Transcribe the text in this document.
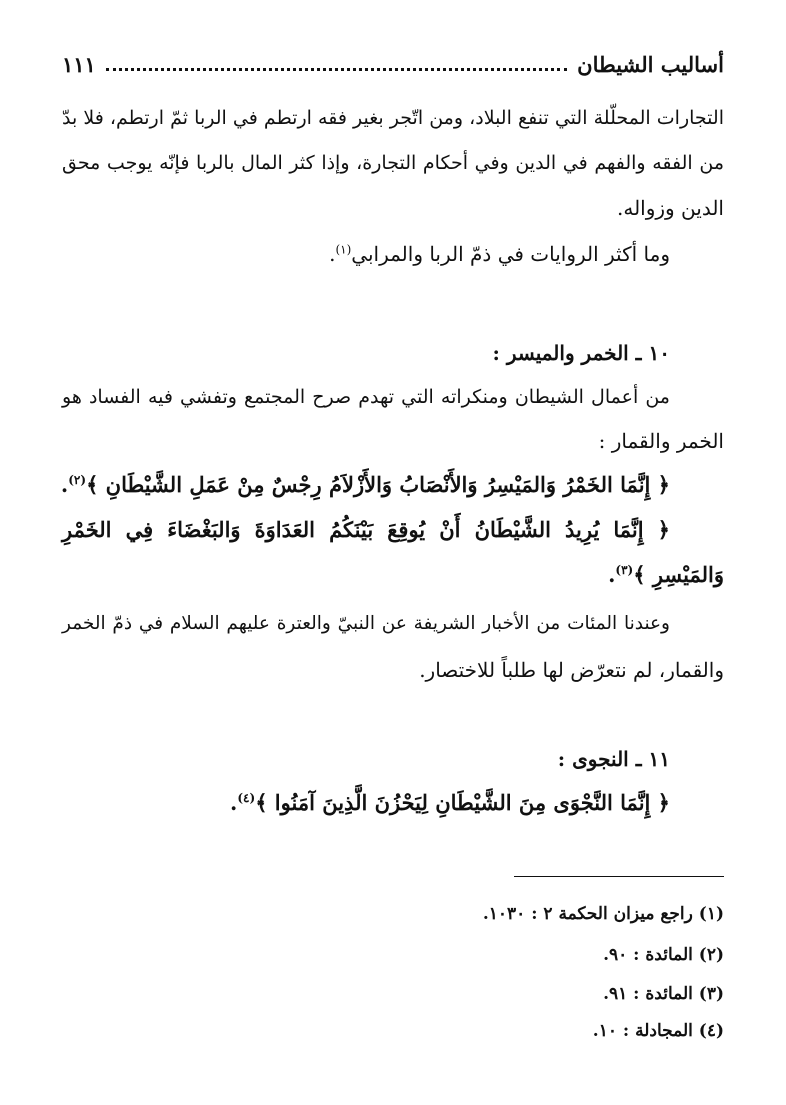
أساليب الشيطان
١١١
التجارات المحلّلة التي تنفع البلاد، ومن اتّجر بغير فقه ارتطم في الربا ثمّ ارتطم، فلا بدّ
من الفقه والفهم في الدين وفي أحكام التجارة، وإذا كثر المال بالربا فإنّه يوجب محق
الدين وزواله.
وما أكثر الروايات في ذمّ الربا والمرابي$^{(١)}$.
١٠ ـ الخمر والميسر :
من أعمال الشيطان ومنكراته التي تهدم صرح المجتمع وتفشي فيه الفساد هو
الخمر والقمار :
﴿ إِنَّمَا الخَمْرُ وَالمَيْسِرُ وَالأَنْصَابُ وَالأَزْلاَمُ رِجْسٌ مِنْ عَمَلِ الشَّيْطَانِ ﴾$^{(٢)}$.
﴿ إِنَّمَا يُرِيدُ الشَّيْطَانُ أَنْ يُوقِعَ بَيْنَكُمُ العَدَاوَةَ وَالبَغْضَاءَ فِي الخَمْرِ
وَالمَيْسِرِ ﴾$^{(٣)}$.
وعندنا المئات من الأخبار الشريفة عن النبيّ والعترة عليهم السلام في ذمّ الخمر
والقمار، لم نتعرّض لها طلباً للاختصار.
١١ ـ النجوى :
﴿ إِنَّمَا النَّجْوَى مِنَ الشَّيْطَانِ لِيَحْزُنَ الَّذِينَ آمَنُوا ﴾$^{(٤)}$.
(١) راجع ميزان الحكمة ٢ : ١٠٣٠.
(٢) المائدة : ٩٠.
(٣) المائدة : ٩١.
(٤) المجادلة : ١٠.
